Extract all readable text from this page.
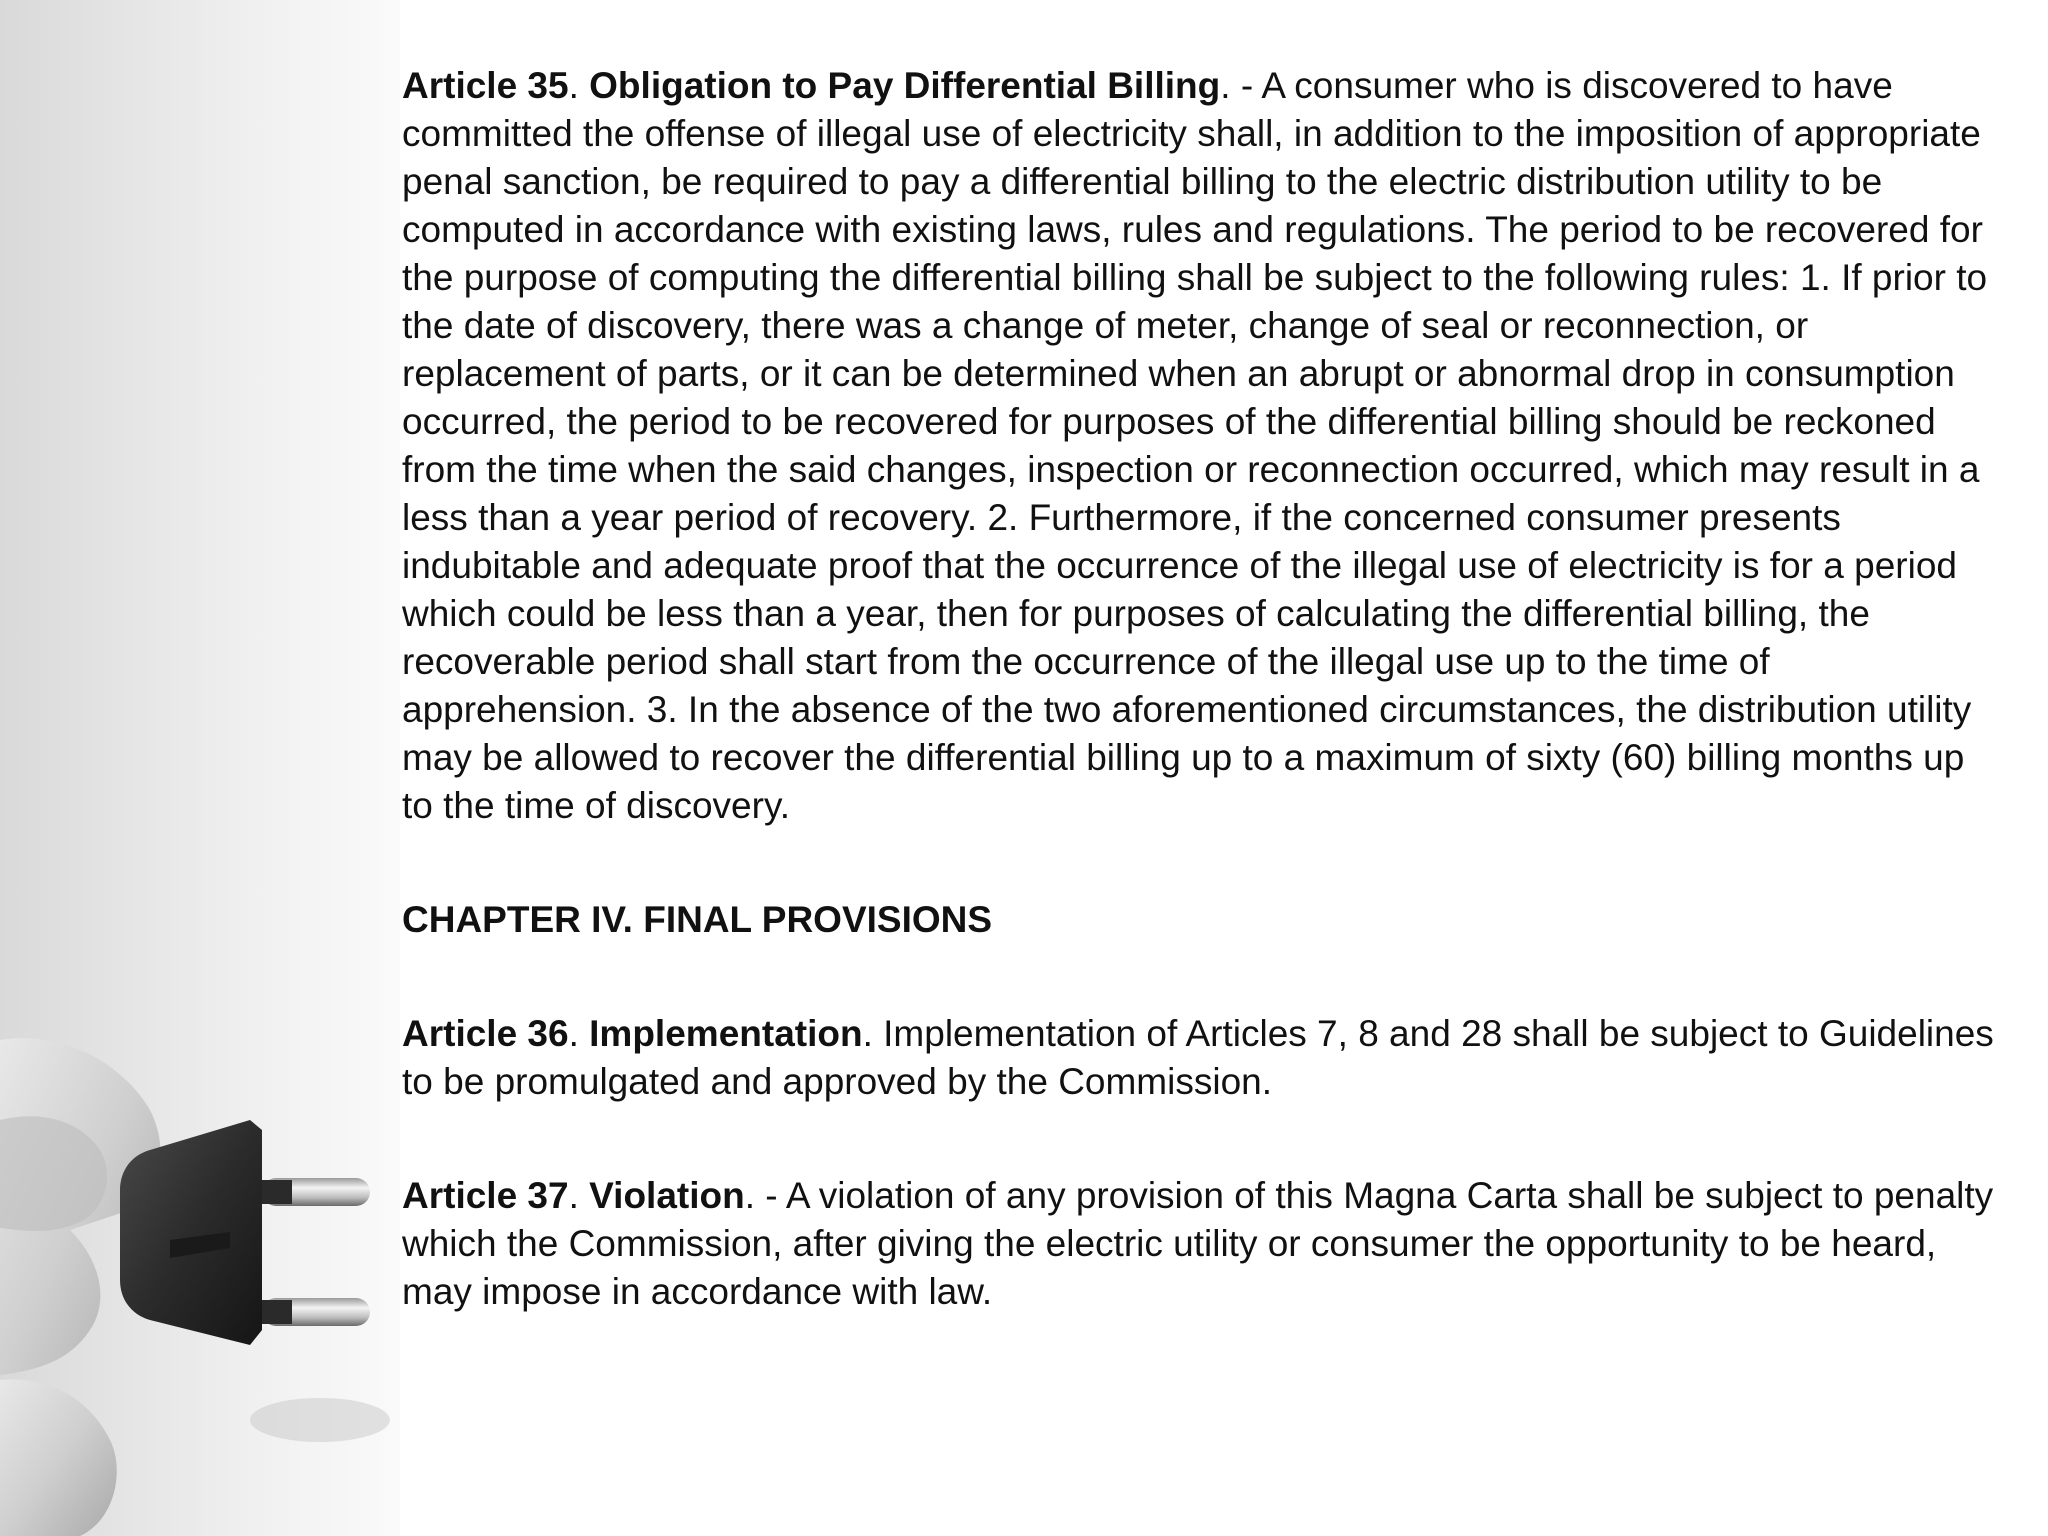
Article 35. Obligation to Pay Differential Billing. - A consumer who is discovered to have committed the offense of illegal use of electricity shall, in addition to the imposition of appropriate penal sanction, be required to pay a differential billing to the electric distribution utility to be computed in accordance with existing laws, rules and regulations. The period to be recovered for the purpose of computing the differential billing shall be subject to the following rules: 1. If prior to the date of discovery, there was a change of meter, change of seal or reconnection, or replacement of parts, or it can be determined when an abrupt or abnormal drop in consumption occurred, the period to be recovered for purposes of the differential billing should be reckoned from the time when the said changes, inspection or reconnection occurred, which may result in a less than a year period of recovery. 2. Furthermore, if the concerned consumer presents indubitable and adequate proof that the occurrence of the illegal use of electricity is for a period which could be less than a year, then for purposes of calculating the differential billing, the recoverable period shall start from the occurrence of the illegal use up to the time of apprehension. 3. In the absence of the two aforementioned circumstances, the distribution utility may be allowed to recover the differential billing up to a maximum of sixty (60) billing months up to the time of discovery.

CHAPTER IV. FINAL PROVISIONS

Article 36. Implementation. Implementation of Articles 7, 8 and 28 shall be subject to Guidelines to be promulgated and approved by the Commission.

Article 37. Violation. - A violation of any provision of this Magna Carta shall be subject to penalty which the Commission, after giving the electric utility or consumer the opportunity to be heard, may impose in accordance with law.
